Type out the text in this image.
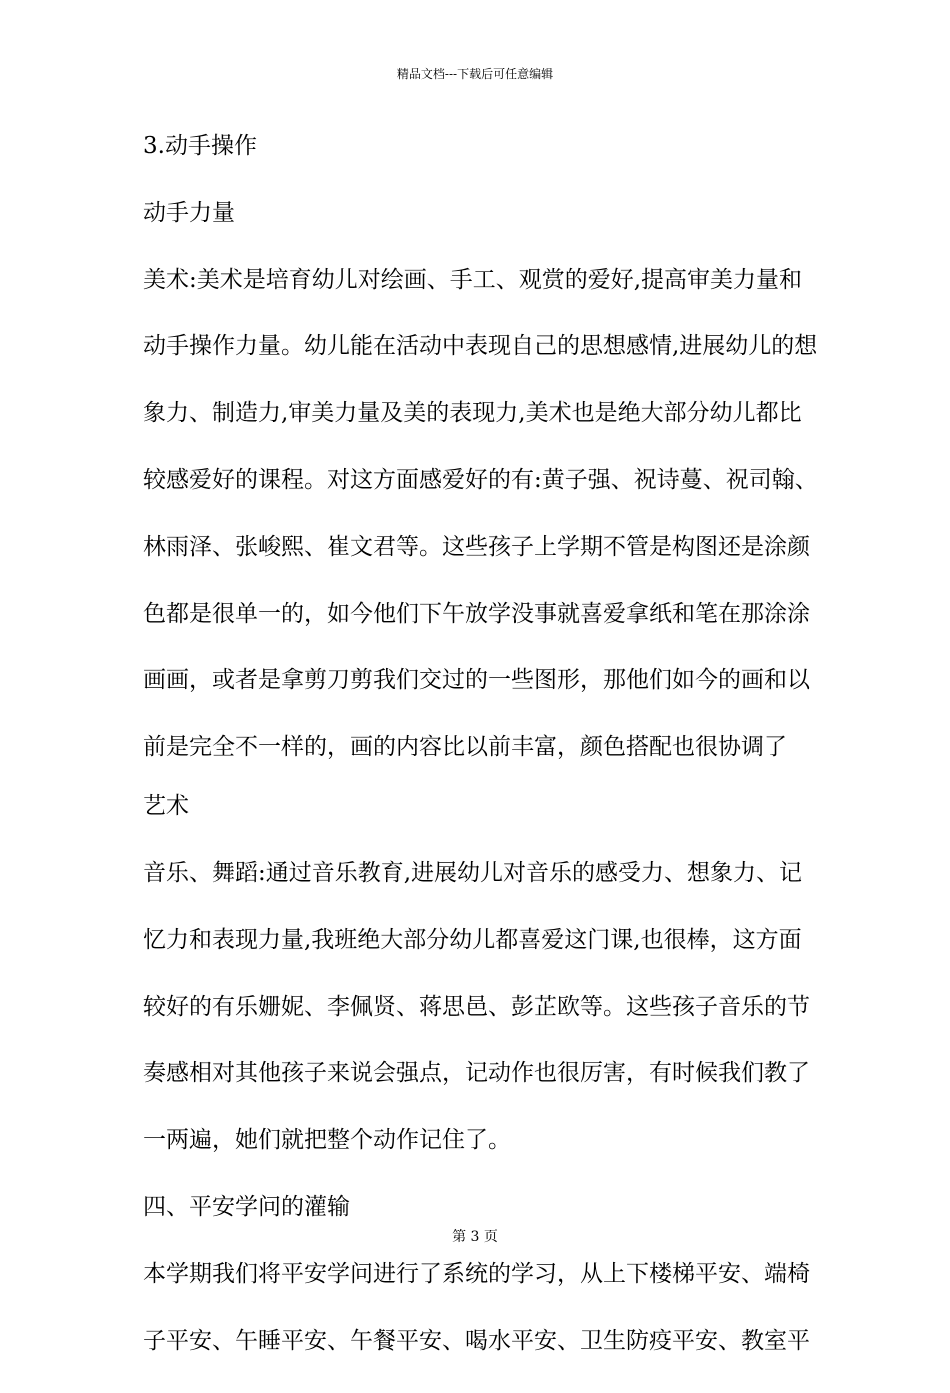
精品文档---下载后可任意编辑
3.动手操作
动手力量
美术:美术是培育幼儿对绘画、手工、观赏的爱好,提高审美力量和
动手操作力量。幼儿能在活动中表现自己的思想感情,进展幼儿的想
象力、制造力,审美力量及美的表现力,美术也是绝大部分幼儿都比
较感爱好的课程。对这方面感爱好的有:黄子强、祝诗蔓、祝司翰、
林雨泽、张峻熙、崔文君等。这些孩子上学期不管是构图还是涂颜
色都是很单一的，如今他们下午放学没事就喜爱拿纸和笔在那涂涂
画画，或者是拿剪刀剪我们交过的一些图形，那他们如今的画和以
前是完全不一样的，画的内容比以前丰富，颜色搭配也很协调了
艺术
音乐、舞蹈:通过音乐教育,进展幼儿对音乐的感受力、想象力、记
忆力和表现力量,我班绝大部分幼儿都喜爱这门课,也很棒，这方面
较好的有乐姗妮、李佩贤、蒋思邑、彭芷欧等。这些孩子音乐的节
奏感相对其他孩子来说会强点，记动作也很厉害，有时候我们教了
一两遍，她们就把整个动作记住了。
四、平安学问的灌输
本学期我们将平安学问进行了系统的学习，从上下楼梯平安、端椅
子平安、午睡平安、午餐平安、喝水平安、卫生防疫平安、教室平
第 3 页
